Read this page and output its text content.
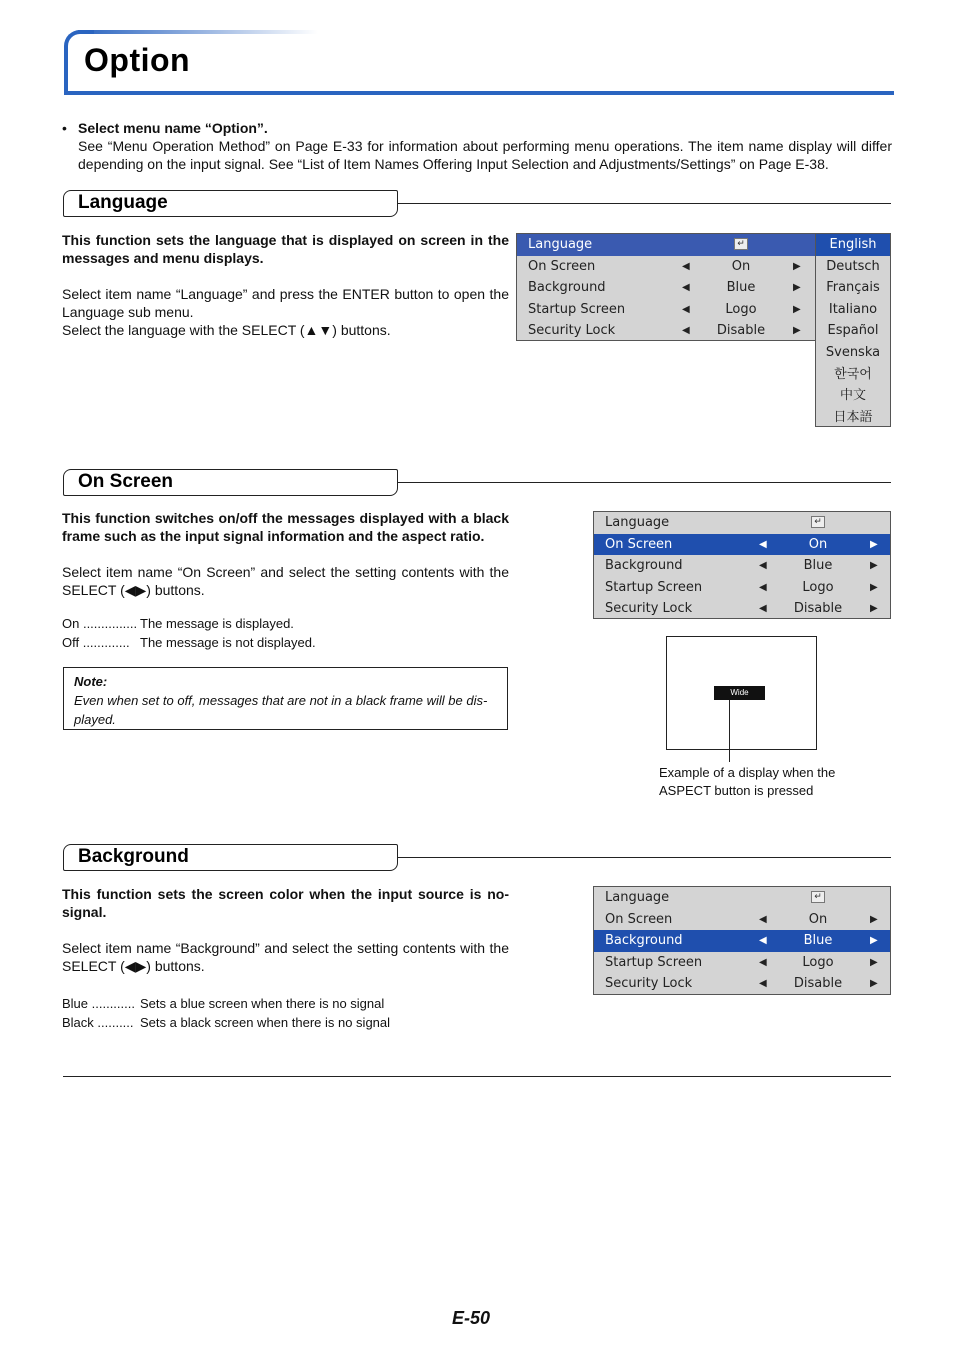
Option
• Select menu name “Option”.
See “Menu Operation Method” on Page E-33 for information about performing menu operations. The item name display will differ depending on the input signal. See “List of Item Names Offering Input Selection and Adjustments/Settings” on Page E-38.
Language

This function sets the language that is displayed on screen in the messages and menu displays.

Select item name “Language” and press the ENTER button to open the Language sub menu.

Select the language with the SELECT (▲▼) buttons.

Language	↵
On Screen	◀	On	▶
Background	◀	Blue	▶
Startup Screen	◀	Logo	▶
Security Lock	◀	Disable	▶
English
Deutsch
Français
Italiano
Español
Svenska
한국어
中文
日本語
On Screen

This function switches on/off the messages displayed with a black frame such as the input signal information and the aspect ratio.

Select item name “On Screen” and select the setting contents with the SELECT (◀▶) buttons.

On ............... The message is displayed.
Off ............. The message is not displayed.
Note:
Even when set to off, messages that are not in a black frame will be dis- played.
Language	↵
On Screen	◀	On	▶
Background	◀	Blue	▶
Startup Screen	◀	Logo	▶
Security Lock	◀	Disable	▶
Wide
Example of a display when the ASPECT button is pressed
Background

This function sets the screen color when the input source is no- signal.

Select item name “Background” and select the setting contents with the SELECT (◀▶) buttons.

Blue ............ Sets a blue screen when there is no signal
Black .......... Sets a black screen when there is no signal
Language	↵
On Screen	◀	On	▶
Background	◀	Blue	▶
Startup Screen	◀	Logo	▶
Security Lock	◀	Disable	▶
E-50
